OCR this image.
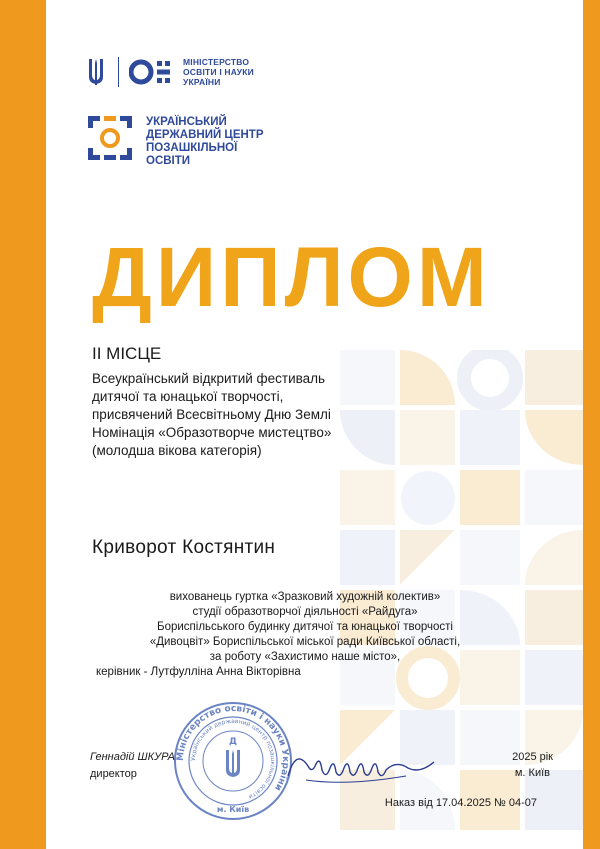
МІНІСТЕРСТВО
ОСВІТИ І НАУКИ
УКРАЇНИ
УКРАЇНСЬКИЙ
ДЕРЖАВНИЙ ЦЕНТР
ПОЗАШКІЛЬНОЇ
ОСВІТИ
ДИПЛОМ
ІІ МІСЦЕ
Всеукраїнський відкритий фестиваль
дитячої та юнацької творчості,
присвячений Всесвітньому Дню Землі
Номінація «Образотворче мистецтво»
(молодша вікова категорія)
Криворот Костянтин
вихованець гуртка «Зразковий художній колектив»
студії образотворчої діяльності «Райдуга»
Бориспільського будинку дитячої та юнацької творчості
«Дивоцвіт» Бориспільської міської ради Київської області,
за роботу «Захистимо наше місто»,
керівник - Лутфулліна Анна Вікторівна
Міністерство освіти і науки України
Український державний центр позашкільної освіти
Д
м. Київ
Геннадій ШКУРА
директор
2025 рік
м. Київ
Наказ від 17.04.2025 № 04-07
